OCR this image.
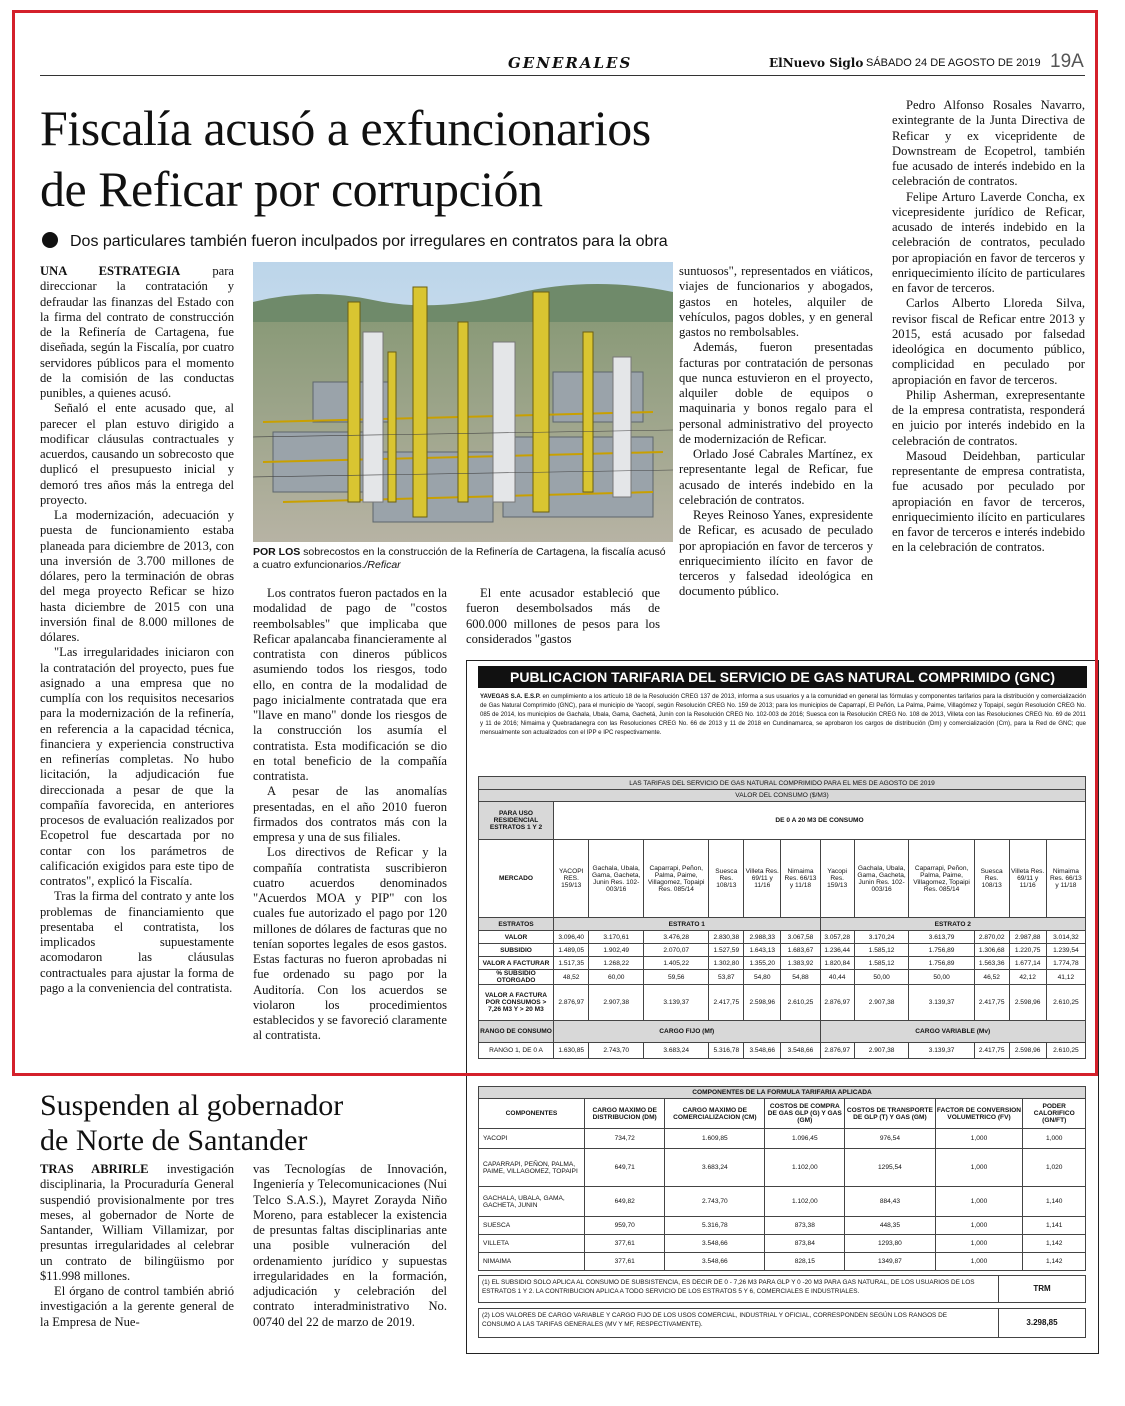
GENERALES	ElNuevo Siglo SÁBADO 24 DE AGOSTO DE 2019 19A
Fiscalía acusó a exfuncionarios
de Reficar por corrupción
Dos particulares también fueron inculpados por irregulares en contratos para la obra

UNA ESTRATEGIA para direccionar la contratación y defraudar las finanzas del Estado con la firma del contrato de construcción de la Refinería de Cartagena, fue diseñada, según la Fiscalía, por cuatro servidores públicos para el momento de la comisión de las conductas punibles, a quienes acusó.

Señaló el ente acusado que, al parecer el plan estuvo dirigido a modificar cláusulas contractuales y acuerdos, causando un sobrecosto que duplicó el presupuesto inicial y demoró tres años más la entrega del proyecto.

La modernización, adecuación y puesta de funcionamiento estaba planeada para diciembre de 2013, con una inversión de 3.700 millones de dólares, pero la terminación de obras del mega proyecto Reficar se hizo hasta diciembre de 2015 con una inversión final de 8.000 millones de dólares.

"Las irregularidades iniciaron con la contratación del proyecto, pues fue asignado a una empresa que no cumplía con los requisitos necesarios para la modernización de la refinería, en referencia a la capacidad técnica, financiera y experiencia constructiva en refinerías completas. No hubo licitación, la adjudicación fue direccionada a pesar de que la compañía favorecida, en anteriores procesos de evaluación realizados por Ecopetrol fue descartada por no contar con los parámetros de calificación exigidos para este tipo de contratos", explicó la Fiscalía.

Tras la firma del contrato y ante los problemas de financiamiento que presentaba el contratista, los implicados supuestamente acomodaron las cláusulas contractuales para ajustar la forma de pago a la conveniencia del contratista.

POR LOS sobrecostos en la construcción de la Refinería de Cartagena, la fiscalía acusó a cuatro exfuncionarios./Reficar

Los contratos fueron pactados en la modalidad de pago de "costos reembolsables" que implicaba que Reficar apalancaba financieramente al contratista con dineros públicos asumiendo todos los riesgos, todo ello, en contra de la modalidad de pago inicialmente contratada que era "llave en mano" donde los riesgos de la construcción los asumía el contratista. Esta modificación se dio en total beneficio de la compañía contratista.

A pesar de las anomalías presentadas, en el año 2010 fueron firmados dos contratos más con la empresa y una de sus filiales.

Los directivos de Reficar y la compañía contratista suscribieron cuatro acuerdos denominados "Acuerdos MOA y PIP" con los cuales fue autorizado el pago por 120 millones de dólares de facturas que no tenían soportes legales de esos gastos. Estas facturas no fueron aprobadas ni fue ordenado su pago por la Auditoría. Con los acuerdos se violaron los procedimientos establecidos y se favoreció claramente al contratista.

El ente acusador estableció que fueron desembolsados más de 600.000 millones de pesos para los considerados "gastos

suntuosos", representados en viáticos, viajes de funcionarios y abogados, gastos en hoteles, alquiler de vehículos, pagos dobles, y en general gastos no rembolsables.

Además, fueron presentadas facturas por contratación de personas que nunca estuvieron en el proyecto, alquiler doble de equipos o maquinaria y bonos regalo para el personal administrativo del proyecto de modernización de Reficar.

Orlado José Cabrales Martínez, ex representante legal de Reficar, fue acusado de interés indebido en la celebración de contratos.

Reyes Reinoso Yanes, expresidente de Reficar, es acusado de peculado por apropiación en favor de terceros y enriquecimiento ilícito en favor de terceros y falsedad ideológica en documento público.

Pedro Alfonso Rosales Navarro, exintegrante de la Junta Directiva de Reficar y ex vicepridente de Downstream de Ecopetrol, también fue acusado de interés indebido en la celebración de contratos.

Felipe Arturo Laverde Concha, ex vicepresidente jurídico de Reficar, acusado de interés indebido en la celebración de contratos, peculado por apropiación en favor de terceros y enriquecimiento ilícito de particulares en favor de terceros.

Carlos Alberto Lloreda Silva, revisor fiscal de Reficar entre 2013 y 2015, está acusado por falsedad ideológica en documento público, complicidad en peculado por apropiación en favor de terceros.

Philip Asherman, exrepresentante de la empresa contratista, responderá en juicio por interés indebido en la celebración de contratos.

Masoud Deidehban, particular representante de empresa contratista, fue acusado por peculado por apropiación en favor de terceros, enriquecimiento ilícito en particulares en favor de terceros e interés indebido en la celebración de contratos.

Suspenden al gobernador
de Norte de Santander

TRAS ABRIRLE investigación disciplinaria, la Procuraduría General suspendió provisionalmente por tres meses, al gobernador de Norte de Santander, William Villamizar, por presuntas irregularidades al celebrar un contrato de bilingüismo por $11.998 millones.

El órgano de control también abrió investigación a la gerente general de la Empresa de Nue-

vas Tecnologías de Innovación, Ingeniería y Telecomunicaciones (Nui Telco S.A.S.), Mayret Zorayda Niño Moreno, para establecer la existencia de presuntas faltas disciplinarias ante una posible vulneración del ordenamiento jurídico y supuestas irregularidades en la formación, adjudicación y celebración del contrato interadministrativo No. 00740 del 22 de marzo de 2019.

PUBLICACION TARIFARIA DEL SERVICIO DE GAS NATURAL COMPRIMIDO (GNC)
YAVEGAS S.A. E.S.P. en cumplimiento a los artículo 18 de la Resolución CREG 137 de 2013, informa a sus usuarios y a la comunidad en general las fórmulas y componentes tarifarios para la distribución y comercialización de Gas Natural Comprimido (GNC), para el municipio de Yacopí, según Resolución CREG No. 159 de 2013; para los municipios de Caparrapí, El Peñón, La Palma, Paime, Villagómez y Topaipí, según Resolución CREG No. 085 de 2014, los municipios de Gachala, Ubala, Gama, Gachetá, Junín con la Resolución CREG No. 102-003 de 2016; Suesca con la Resolución CREG No. 108 de 2013, Villeta con las Resoluciones CREG No. 69 de 2011 y 11 de 2016; Nimaima y Quebradanegra con las Resoluciones CREG No. 66 de 2013 y 11 de 2018 en Cundinamarca, se aprobaron los cargos de distribución (Dm) y comercialización (Cm), para la Red de GNC; que mensualmente son actualizados con el IPP e IPC respectivamente.
LAS TARIFAS DEL SERVICIO DE GAS NATURAL COMPRIMIDO PARA EL MES DE AGOSTO DE 2019												
VALOR DEL CONSUMO ($/M3)												
PARA USO RESIDENCIAL ESTRATOS 1 Y 2	DE 0 A 20 M3 DE CONSUMO											
MERCADO	YACOPI RES. 159/13	Gachala, Ubala, Gama, Gacheta, Junin Res. 102-003/16	Caparrapi, Peñon, Palma, Paime, Villagomez, Topaipi Res. 085/14	Suesca Res. 108/13	Villeta Res. 69/11 y 11/16	Nimaima Res. 66/13 y 11/18	Yacopi Res. 159/13	Gachala, Ubala, Gama, Gacheta, Junin Res. 102-003/16	Caparrapi, Peñon, Palma, Paime, Villagomez, Topaipi Res. 085/14	Suesca Res. 108/13	Villeta Res. 69/11 y 11/16	Nimaima Res. 66/13 y 11/18
ESTRATOS	ESTRATO 1						ESTRATO 2					
VALOR	3.096,40	3.170,61	3.476,28	2.830,38	2.988,33	3.067,58	3.057,28	3.170,24	3.613,79	2.870,02	2.987,88	3.014,32
SUBSIDIO	1.489,05	1.902,49	2.070,07	1.527,59	1.643,13	1.683,67	1.236,44	1.585,12	1.756,89	1.306,68	1.220,75	1.239,54
VALOR A FACTURAR	1.517,35	1.268,22	1.405,22	1.302,80	1.355,20	1.383,92	1.820,84	1.585,12	1.756,89	1.563,36	1.677,14	1.774,78
% SUBSIDIO OTORGADO	48,52	60,00	59,56	53,87	54,80	54,88	40,44	50,00	50,00	46,52	42,12	41,12
VALOR A FACTURA POR CONSUMOS > 7,26 M3 Y > 20 M3	2.876,97	2.907,38	3.139,37	2.417,75	2.598,96	2.610,25	2.876,97	2.907,38	3.139,37	2.417,75	2.598,96	2.610,25
RANGO DE CONSUMO	CARGO FIJO (Mf)						CARGO VARIABLE (Mv)					
RANGO 1, DE 0 A	1.630,85	2.743,70	3.683,24	5.316,78	3.548,66	3.548,66	2.876,97	2.907,38	3.139,37	2.417,75	2.598,96	2.610,25
COMPONENTES DE LA FORMULA TARIFARIA APLICADA						
COMPONENTES	CARGO MAXIMO DE DISTRIBUCION (DM)	CARGO MAXIMO DE COMERCIALIZACION (CM)	COSTOS DE COMPRA DE GAS GLP (G) Y GAS (GM)	COSTOS DE TRANSPORTE DE GLP (T) Y GAS (GM)	FACTOR DE CONVERSION VOLUMETRICO (FV)	PODER CALORIFICO (GN/FT)
YACOPI	734,72	1.609,85	1.096,45	976,54	1,000	1,000
CAPARRAPI, PEÑON, PALMA, PAIME, VILLAGOMEZ, TOPAIPI	649,71	3.683,24	1.102,00	1295,54	1,000	1,020
GACHALA, UBALA, GAMA, GACHETA, JUNIN	649,82	2.743,70	1.102,00	884,43	1,000	1,140
SUESCA	959,70	5.316,78	873,38	448,35	1,000	1,141
VILLETA	377,61	3.548,66	873,84	1293,80	1,000	1,142
NIMAIMA	377,61	3.548,66	828,15	1349,87	1,000	1,142
(1) EL SUBSIDIO SOLO APLICA AL CONSUMO DE SUBSISTENCIA, ES DECIR DE 0 - 7,26 M3 PARA GLP Y 0 -20 M3 PARA GAS NATURAL, DE LOS USUARIOS DE LOS ESTRATOS 1 Y 2. LA CONTRIBUCION APLICA A TODO SERVICIO DE LOS ESTRATOS 5 Y 6, COMERCIALES E INDUSTRIALES.	TRM
(2) LOS VALORES DE CARGO VARIABLE Y CARGO FIJO DE LOS USOS COMERCIAL, INDUSTRIAL Y OFICIAL, CORRESPONDEN SEGÚN LOS RANGOS DE CONSUMO A LAS TARIFAS GENERALES (MV Y MF, RESPECTIVAMENTE).	3.298,85
